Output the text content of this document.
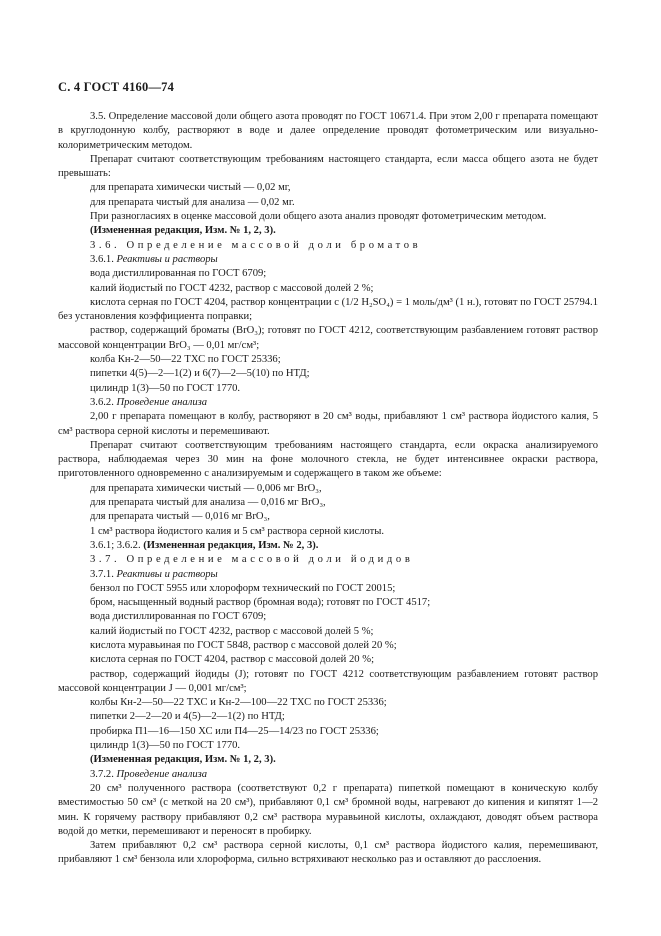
С. 4 ГОСТ 4160—74

3.5. Определение массовой доли общего азота проводят по ГОСТ 10671.4. При этом 2,00 г препарата помещают в круглодонную колбу, растворяют в воде и далее определение проводят фотометрическим или визуально-колориметрическим методом.

Препарат считают соответствующим требованиям настоящего стандарта, если масса общего азота не будет превышать:

для препарата химически чистый — 0,02 мг,

для препарата чистый для анализа — 0,02 мг.

При разногласиях в оценке массовой доли общего азота анализ проводят фотометрическим методом.

(Измененная редакция, Изм. № 1, 2, 3).

3.6. Определение массовой доли броматов

3.6.1. Реактивы и растворы

вода дистиллированная по ГОСТ 6709;

калий йодистый по ГОСТ 4232, раствор с массовой долей 2 %;

кислота серная по ГОСТ 4204, раствор концентрации c (1/2 H₂SO₄) = 1 моль/дм³ (1 н.), готовят по ГОСТ 25794.1 без установления коэффициента поправки;

раствор, содержащий броматы (BrO₃); готовят по ГОСТ 4212, соответствующим разбавлением готовят раствор массовой концентрации BrO₃ — 0,01 мг/см³;

колба Кн-2—50—22 ТХС по ГОСТ 25336;

пипетки 4(5)—2—1(2) и 6(7)—2—5(10) по НТД;

цилиндр 1(3)—50 по ГОСТ 1770.

3.6.2. Проведение анализа

2,00 г препарата помещают в колбу, растворяют в 20 см³ воды, прибавляют 1 см³ раствора йодистого калия, 5 см³ раствора серной кислоты и перемешивают.

Препарат считают соответствующим требованиям настоящего стандарта, если окраска анализируемого раствора, наблюдаемая через 30 мин на фоне молочного стекла, не будет интенсивнее окраски раствора, приготовленного одновременно с анализируемым и содержащего в таком же объеме:

для препарата химически чистый — 0,006 мг BrO₃,

для препарата чистый для анализа — 0,016 мг BrO₃,

для препарата чистый — 0,016 мг BrO₃,

1 см³ раствора йодистого калия и 5 см³ раствора серной кислоты.

3.6.1; 3.6.2. (Измененная редакция, Изм. № 2, 3).

3.7. Определение массовой доли йодидов

3.7.1. Реактивы и растворы

бензол по ГОСТ 5955 или хлороформ технический по ГОСТ 20015;

бром, насыщенный водный раствор (бромная вода); готовят по ГОСТ 4517;

вода дистиллированная по ГОСТ 6709;

калий йодистый по ГОСТ 4232, раствор с массовой долей 5 %;

кислота муравьиная по ГОСТ 5848, раствор с массовой долей 20 %;

кислота серная по ГОСТ 4204, раствор с массовой долей 20 %;

раствор, содержащий йодиды (J); готовят по ГОСТ 4212 соответствующим разбавлением готовят раствор массовой концентрации J — 0,001 мг/см³;

колбы Кн-2—50—22 ТХС и Кн-2—100—22 ТХС по ГОСТ 25336;

пипетки 2—2—20 и 4(5)—2—1(2) по НТД;

пробирка П1—16—150 ХС или П4—25—14/23 по ГОСТ 25336;

цилиндр 1(3)—50 по ГОСТ 1770.

(Измененная редакция, Изм. № 1, 2, 3).

3.7.2. Проведение анализа

20 см³ полученного раствора (соответствуют 0,2 г препарата) пипеткой помещают в коническую колбу вместимостью 50 см³ (с меткой на 20 см³), прибавляют 0,1 см³ бромной воды, нагревают до кипения и кипятят 1—2 мин. К горячему раствору прибавляют 0,2 см³ раствора муравьиной кислоты, охлаждают, доводят объем раствора водой до метки, перемешивают и переносят в пробирку.

Затем прибавляют 0,2 см³ раствора серной кислоты, 0,1 см³ раствора йодистого калия, перемешивают, прибавляют 1 см³ бензола или хлороформа, сильно встряхивают несколько раз и оставляют до расслоения.
